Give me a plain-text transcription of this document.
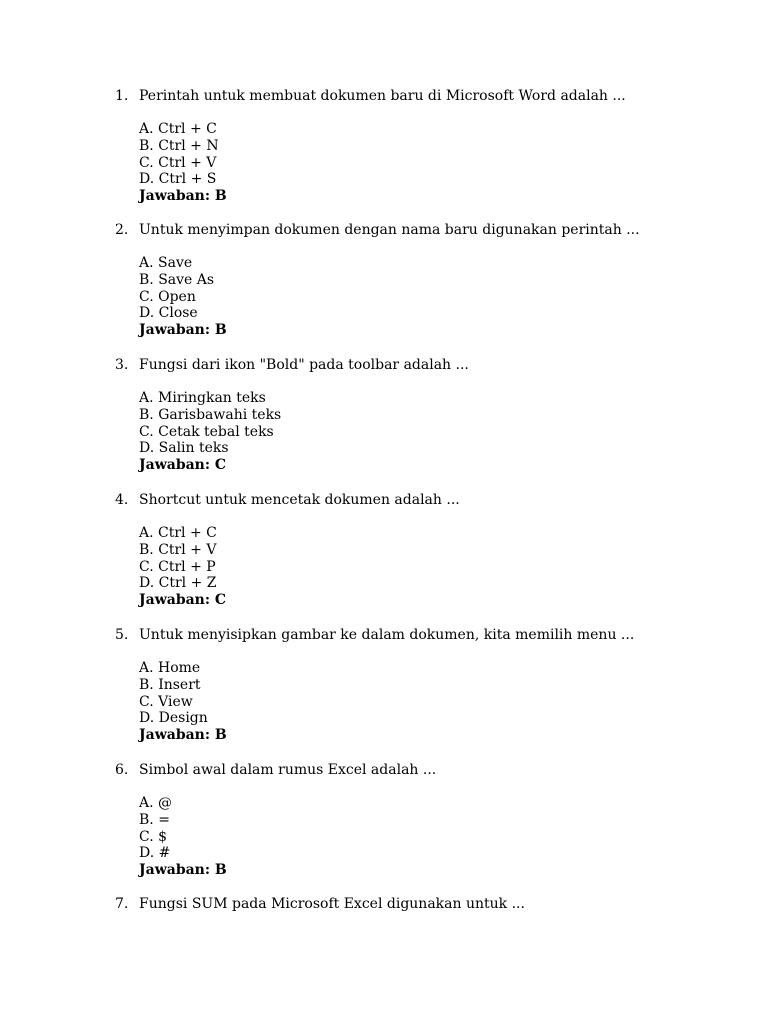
1. Perintah untuk membuat dokumen baru di Microsoft Word adalah ...
A. Ctrl + C
B. Ctrl + N
C. Ctrl + V
D. Ctrl + S
Jawaban: B
2. Untuk menyimpan dokumen dengan nama baru digunakan perintah ...
A. Save
B. Save As
C. Open
D. Close
Jawaban: B
3. Fungsi dari ikon "Bold" pada toolbar adalah ...
A. Miringkan teks
B. Garisbawahi teks
C. Cetak tebal teks
D. Salin teks
Jawaban: C
4. Shortcut untuk mencetak dokumen adalah ...
A. Ctrl + C
B. Ctrl + V
C. Ctrl + P
D. Ctrl + Z
Jawaban: C
5. Untuk menyisipkan gambar ke dalam dokumen, kita memilih menu ...
A. Home
B. Insert
C. View
D. Design
Jawaban: B
6. Simbol awal dalam rumus Excel adalah ...
A. @
B. =
C. $
D. #
Jawaban: B
7. Fungsi SUM pada Microsoft Excel digunakan untuk ...
